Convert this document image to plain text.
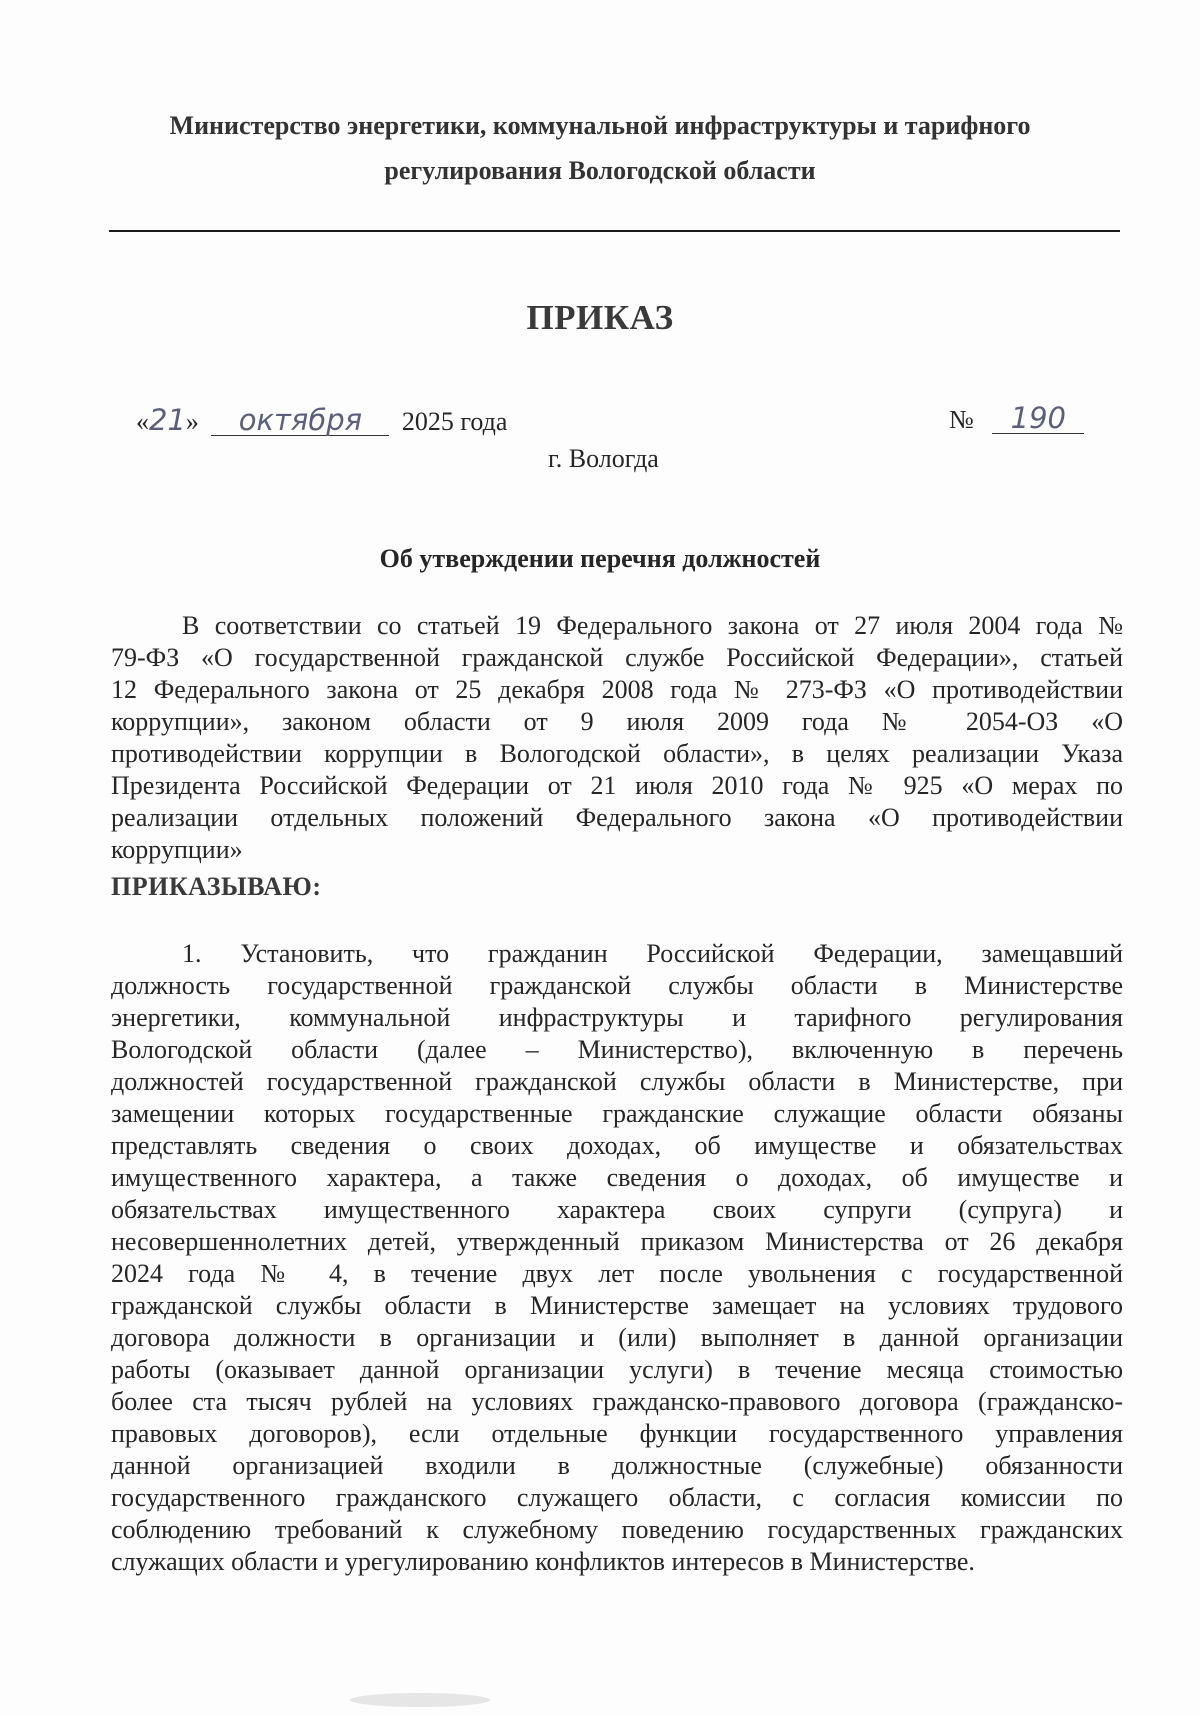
Министерство энергетики, коммунальной инфраструктуры и тарифного
регулирования Вологодской области
ПРИКАЗ
«21» октября 2025 года	№ 190
г. Вологда
Об утверждении перечня должностей
В соответствии со статьей 19 Федерального закона от 27 июля 2004 года №
79-ФЗ «О государственной гражданской службе Российской Федерации», статьей
12 Федерального закона от 25 декабря 2008 года № 273-ФЗ «О противодействии
коррупции», законом области от 9 июля 2009 года № 2054-ОЗ «О
противодействии коррупции в Вологодской области», в целях реализации Указа
Президента Российской Федерации от 21 июля 2010 года № 925 «О мерах по
реализации отдельных положений Федерального закона «О противодействии
коррупции»
ПРИКАЗЫВАЮ:
1. Установить, что гражданин Российской Федерации, замещавший
должность государственной гражданской службы области в Министерстве
энергетики, коммунальной инфраструктуры и тарифного регулирования
Вологодской области (далее – Министерство), включенную в перечень
должностей государственной гражданской службы области в Министерстве, при
замещении которых государственные гражданские служащие области обязаны
представлять сведения о своих доходах, об имуществе и обязательствах
имущественного характера, а также сведения о доходах, об имуществе и
обязательствах имущественного характера своих супруги (супруга) и
несовершеннолетних детей, утвержденный приказом Министерства от 26 декабря
2024 года № 4, в течение двух лет после увольнения с государственной
гражданской службы области в Министерстве замещает на условиях трудового
договора должности в организации и (или) выполняет в данной организации
работы (оказывает данной организации услуги) в течение месяца стоимостью
более ста тысяч рублей на условиях гражданско-правового договора (гражданско-
правовых договоров), если отдельные функции государственного управления
данной организацией входили в должностные (служебные) обязанности
государственного гражданского служащего области, с согласия комиссии по
соблюдению требований к служебному поведению государственных гражданских
служащих области и урегулированию конфликтов интересов в Министерстве.
